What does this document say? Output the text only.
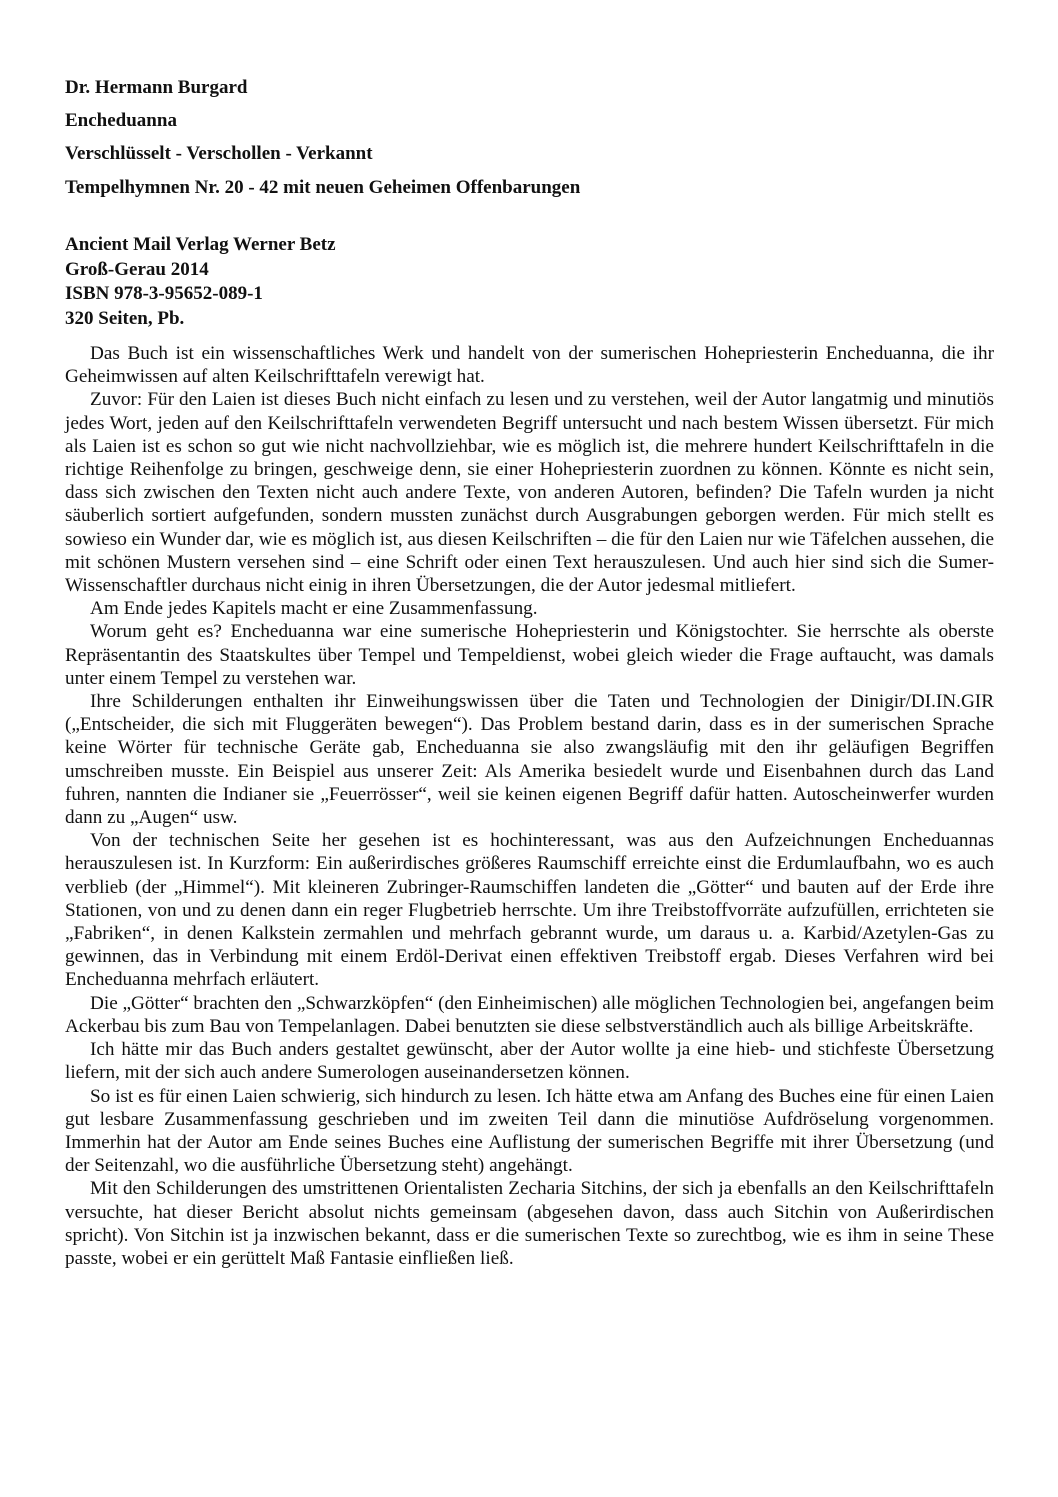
Dr. Hermann Burgard
Encheduanna
Verschlüsselt - Verschollen - Verkannt
Tempelhymnen Nr. 20 - 42 mit neuen Geheimen Offenbarungen
Ancient Mail Verlag Werner Betz
Groß-Gerau 2014
ISBN 978-3-95652-089-1
320 Seiten, Pb.

Das Buch ist ein wissenschaftliches Werk und handelt von der sumerischen Hohepriesterin Encheduanna, die ihr Geheimwissen auf alten Keilschrifttafeln verewigt hat.

Zuvor: Für den Laien ist dieses Buch nicht einfach zu lesen und zu verstehen, weil der Autor langatmig und minutiös jedes Wort, jeden auf den Keilschrifttafeln verwendeten Begriff untersucht und nach bestem Wissen übersetzt. Für mich als Laien ist es schon so gut wie nicht nachvollziehbar, wie es möglich ist, die mehrere hundert Keilschrifttafeln in die richtige Reihenfolge zu bringen, geschweige denn, sie einer Hohepriesterin zuordnen zu können. Könnte es nicht sein, dass sich zwischen den Texten nicht auch andere Texte, von anderen Autoren, befinden? Die Tafeln wurden ja nicht säuberlich sortiert aufgefunden, sondern mussten zunächst durch Ausgrabungen geborgen werden. Für mich stellt es sowieso ein Wunder dar, wie es möglich ist, aus diesen Keilschriften – die für den Laien nur wie Täfelchen aussehen, die mit schönen Mustern versehen sind – eine Schrift oder einen Text herauszulesen. Und auch hier sind sich die Sumer-Wissenschaftler durchaus nicht einig in ihren Übersetzungen, die der Autor jedesmal mitliefert.

Am Ende jedes Kapitels macht er eine Zusammenfassung.

Worum geht es? Encheduanna war eine sumerische Hohepriesterin und Königstochter. Sie herrschte als oberste Repräsentantin des Staatskultes über Tempel und Tempeldienst, wobei gleich wieder die Frage auftaucht, was damals unter einem Tempel zu verstehen war.

Ihre Schilderungen enthalten ihr Einweihungswissen über die Taten und Technologien der Dinigir/DI.IN.GIR („Entscheider, die sich mit Fluggeräten bewegen“). Das Problem bestand darin, dass es in der sumerischen Sprache keine Wörter für technische Geräte gab, Encheduanna sie also zwangsläufig mit den ihr geläufigen Begriffen umschreiben musste. Ein Beispiel aus unserer Zeit: Als Amerika besiedelt wurde und Eisenbahnen durch das Land fuhren, nannten die Indianer sie „Feuerrösser“, weil sie keinen eigenen Begriff dafür hatten. Autoscheinwerfer wurden dann zu „Augen“ usw.

Von der technischen Seite her gesehen ist es hochinteressant, was aus den Aufzeichnungen Encheduannas herauszulesen ist. In Kurzform: Ein außerirdisches größeres Raumschiff erreichte einst die Erdumlaufbahn, wo es auch verblieb (der „Himmel“). Mit kleineren Zubringer-Raumschiffen landeten die „Götter“ und bauten auf der Erde ihre Stationen, von und zu denen dann ein reger Flugbetrieb herrschte. Um ihre Treibstoffvorräte aufzufüllen, errichteten sie „Fabriken“, in denen Kalkstein zermahlen und mehrfach gebrannt wurde, um daraus u. a. Karbid/Azetylen-Gas zu gewinnen, das in Verbindung mit einem Erdöl-Derivat einen effektiven Treibstoff ergab. Dieses Verfahren wird bei Encheduanna mehrfach erläutert.

Die „Götter“ brachten den „Schwarzköpfen“ (den Einheimischen) alle möglichen Technologien bei, angefangen beim Ackerbau bis zum Bau von Tempelanlagen. Dabei benutzten sie diese selbstverständlich auch als billige Arbeitskräfte.

Ich hätte mir das Buch anders gestaltet gewünscht, aber der Autor wollte ja eine hieb- und stichfeste Übersetzung liefern, mit der sich auch andere Sumerologen auseinandersetzen können.

So ist es für einen Laien schwierig, sich hindurch zu lesen. Ich hätte etwa am Anfang des Buches eine für einen Laien gut lesbare Zusammenfassung geschrieben und im zweiten Teil dann die minutiöse Aufdröselung vorgenommen. Immerhin hat der Autor am Ende seines Buches eine Auflistung der sumerischen Begriffe mit ihrer Übersetzung (und der Seitenzahl, wo die ausführliche Übersetzung steht) angehängt.

Mit den Schilderungen des umstrittenen Orientalisten Zecharia Sitchins, der sich ja ebenfalls an den Keilschrifttafeln versuchte, hat dieser Bericht absolut nichts gemeinsam (abgesehen davon, dass auch Sitchin von Außerirdischen spricht). Von Sitchin ist ja inzwischen bekannt, dass er die sumerischen Texte so zurechtbog, wie es ihm in seine These passte, wobei er ein gerüttelt Maß Fantasie einfließen ließ.
